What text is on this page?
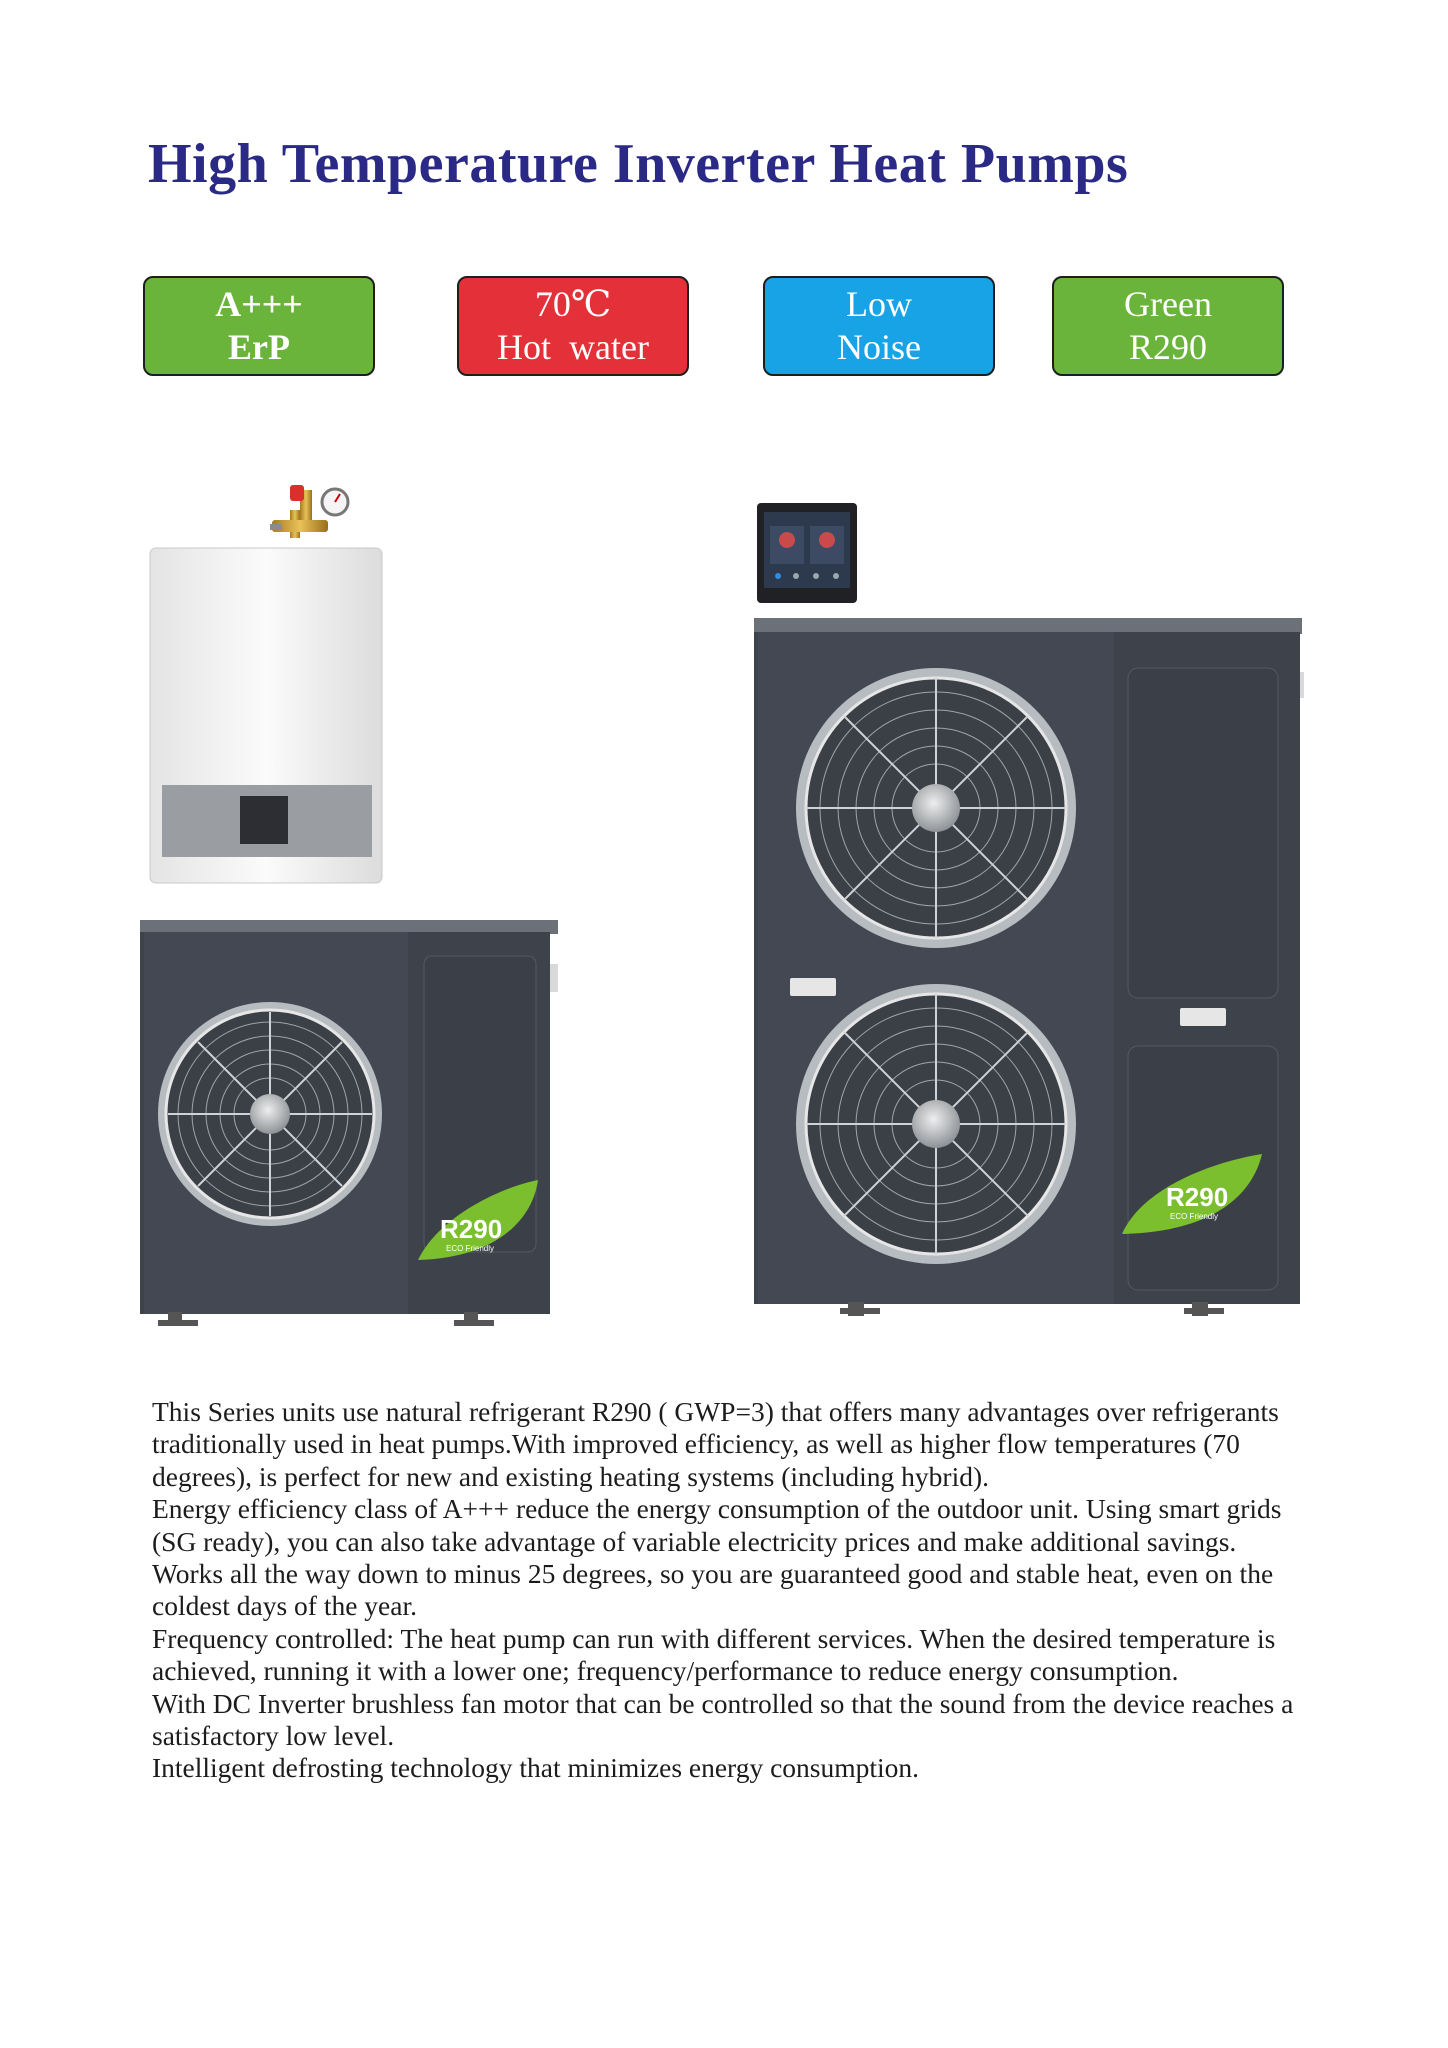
High Temperature Inverter Heat Pumps
A+++
ErP
70℃
Hot  water
Low
Noise
Green
R290
R290
ECO Friendly
R290
ECO Friendly

This Series units use natural refrigerant R290 ( GWP=3) that offers many advantages over refrigerants traditionally used in heat pumps.With improved efficiency, as well as higher flow temperatures (70 degrees), is perfect for new and existing heating systems (including hybrid).

Energy efficiency class of A+++ reduce the energy consumption of the outdoor unit. Using smart grids (SG ready), you can also take advantage of variable electricity prices and make additional savings.

Works all the way down to minus 25 degrees, so you are guaranteed good and stable heat, even on the coldest days of the year.

Frequency controlled: The heat pump can run with different services. When the desired temperature is achieved, running it with a lower one; frequency/performance to reduce energy consumption.

With DC Inverter brushless fan motor that can be controlled so that the sound from the device reaches a satisfactory low level.

Intelligent defrosting technology that minimizes energy consumption.
